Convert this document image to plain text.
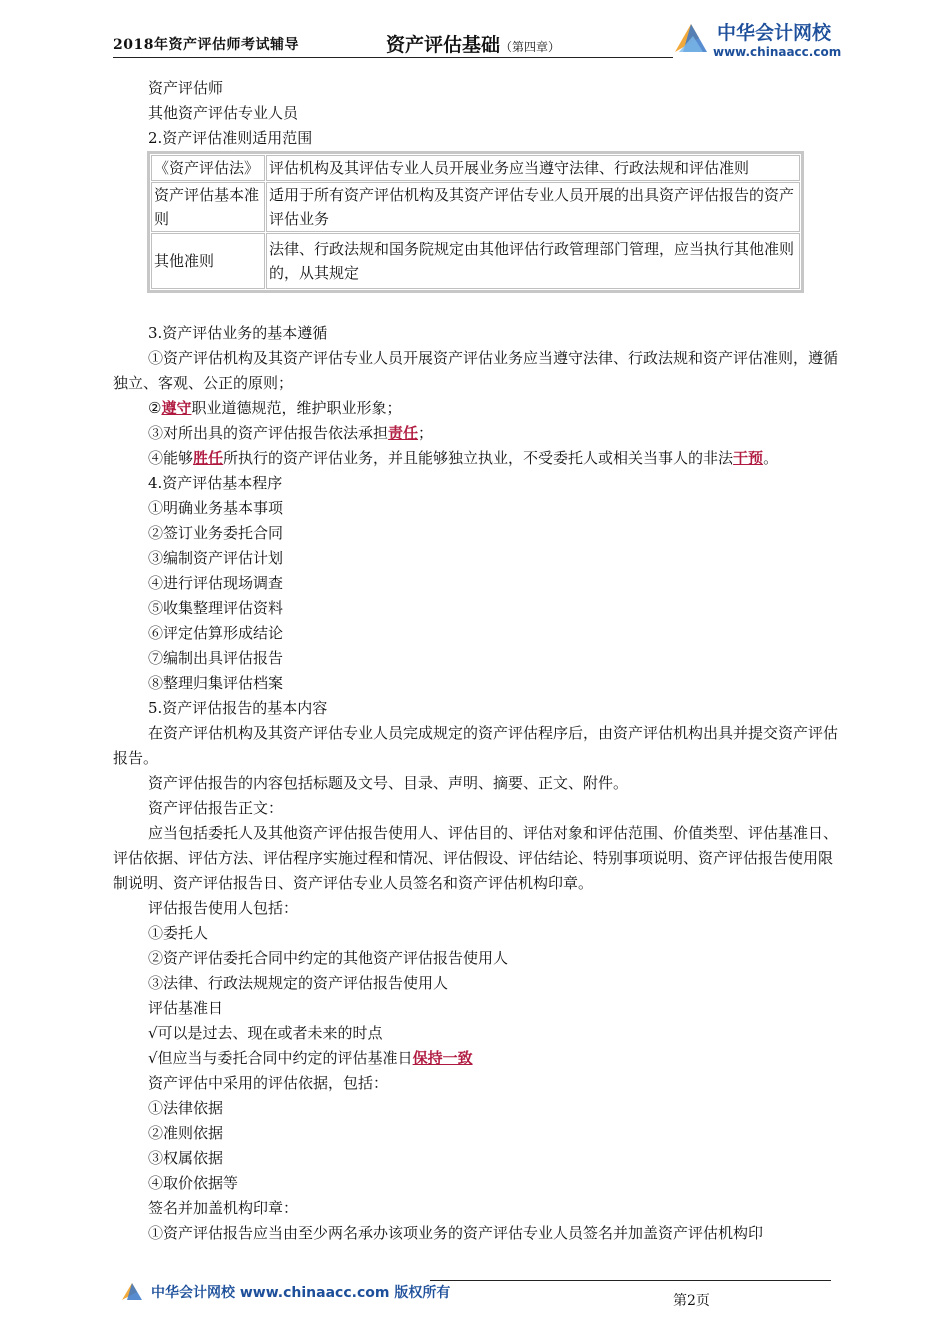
2018年资产评估师考试辅导	资产评估基础（第四章）
中华会计网校
www.chinaacc.com

资产评估师

其他资产评估专业人员

2.资产评估准则适用范围

《资产评估法》	评估机构及其评估专业人员开展业务应当遵守法律、行政法规和评估准则
资产评估基本准则	适用于所有资产评估机构及其资产评估专业人员开展的出具资产评估报告的资产评估业务
其他准则	法律、行政法规和国务院规定由其他评估行政管理部门管理，应当执行其他准则的，从其规定

3.资产评估业务的基本遵循

①资产评估机构及其资产评估专业人员开展资产评估业务应当遵守法律、行政法规和资产评估准则，遵循独立、客观、公正的原则；

②遵守职业道德规范，维护职业形象；

③对所出具的资产评估报告依法承担责任；

④能够胜任所执行的资产评估业务，并且能够独立执业，不受委托人或相关当事人的非法干预。

4.资产评估基本程序

①明确业务基本事项

②签订业务委托合同

③编制资产评估计划

④进行评估现场调查

⑤收集整理评估资料

⑥评定估算形成结论

⑦编制出具评估报告

⑧整理归集评估档案

5.资产评估报告的基本内容

在资产评估机构及其资产评估专业人员完成规定的资产评估程序后，由资产评估机构出具并提交资产评估报告。

资产评估报告的内容包括标题及文号、目录、声明、摘要、正文、附件。

资产评估报告正文：

应当包括委托人及其他资产评估报告使用人、评估目的、评估对象和评估范围、价值类型、评估基准日、评估依据、评估方法、评估程序实施过程和情况、评估假设、评估结论、特别事项说明、资产评估报告使用限制说明、资产评估报告日、资产评估专业人员签名和资产评估机构印章。

评估报告使用人包括：

①委托人

②资产评估委托合同中约定的其他资产评估报告使用人

③法律、行政法规规定的资产评估报告使用人

评估基准日

√可以是过去、现在或者未来的时点

√但应当与委托合同中约定的评估基准日保持一致

资产评估中采用的评估依据，包括：

①法律依据

②准则依据

③权属依据

④取价依据等

签名并加盖机构印章：

①资产评估报告应当由至少两名承办该项业务的资产评估专业人员签名并加盖资产评估机构印

中华会计网校 www.chinaacc.com 版权所有	第2页
